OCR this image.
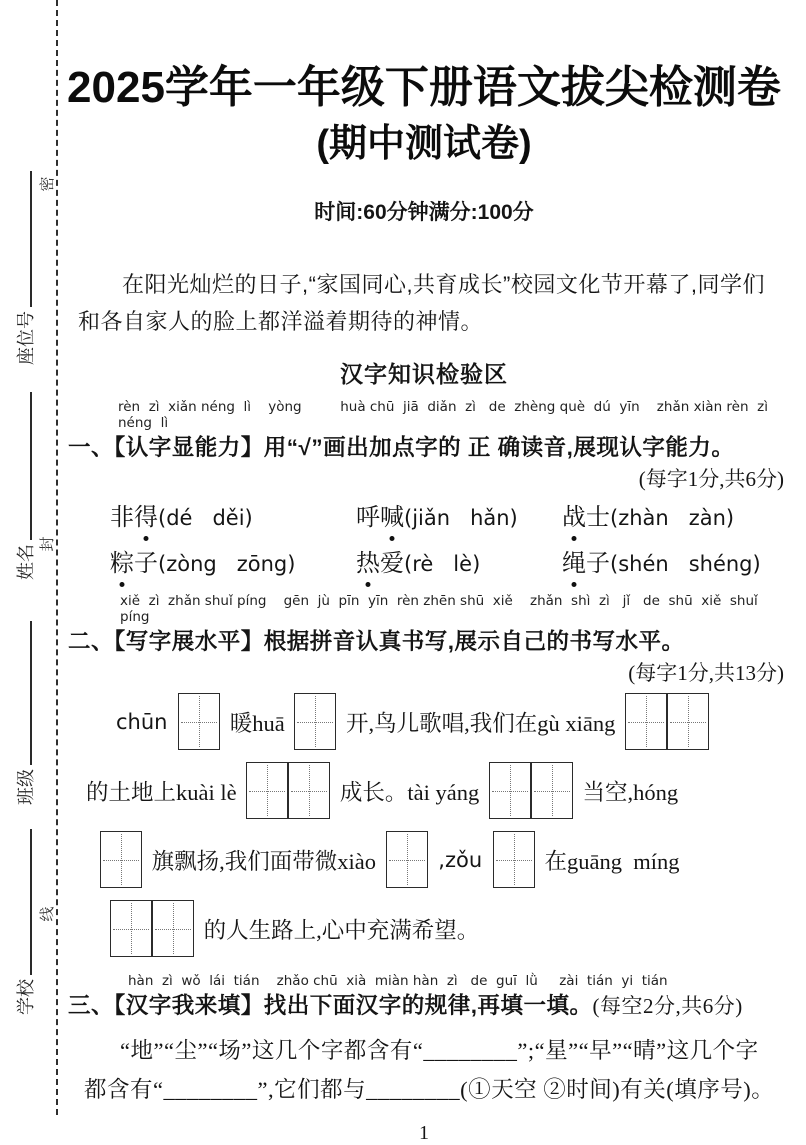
座位号
姓名
班级
学校
密
封
线
2025学年一年级下册语文拔尖检测卷
(期中测试卷)
时间:60分钟满分:100分

在阳光灿烂的日子,“家国同心,共育成长”校园文化节开幕了,同学们

和各自家人的脸上都洋溢着期待的神情。

汉字知识检验区
rèn  zì  xiǎn néng  lì    yòng         huà chū  jiā  diǎn  zì   de  zhèng què  dú  yīn    zhǎn xiàn rèn  zì  néng  lì
一、【认字显能力】用“√”画出加点字的 正 确读音,展现认字能力。
(每字1分,共6分)
非得(dé   děi)	呼喊(jiǎn   hǎn)	战士(zhàn   zàn)
粽子(zòng   zōng)	热爱(rè   lè)	绳子(shén   shéng)
xiě  zì  zhǎn shuǐ píng    gēn  jù  pīn  yīn  rèn zhēn shū  xiě    zhǎn  shì  zì   jǐ   de  shū  xiě  shuǐ píng
二、【写字展水平】根据拼音认真书写,展示自己的书写水平。
(每字1分,共13分)
chūn 暖huā 开,鸟儿歌唱,我们在gù xiāng
的土地上kuài lè	成长。tài yáng	当空,hóng
旗飘扬,我们面带微xiào ,zǒu 在guāng  míng
的人生路上,心中充满希望。
hàn  zì  wǒ  lái  tián    zhǎo chū  xià  miàn hàn  zì   de  guī  lǜ     zài  tián  yi  tián
三、【汉字我来填】找出下面汉字的规律,再填一填。(每空2分,共6分)

“地”“尘”“场”这几个字都含有“________”;“星”“早”“晴”这几个字

都含有“________”,它们都与________(①天空 ②时间)有关(填序号)。

1
